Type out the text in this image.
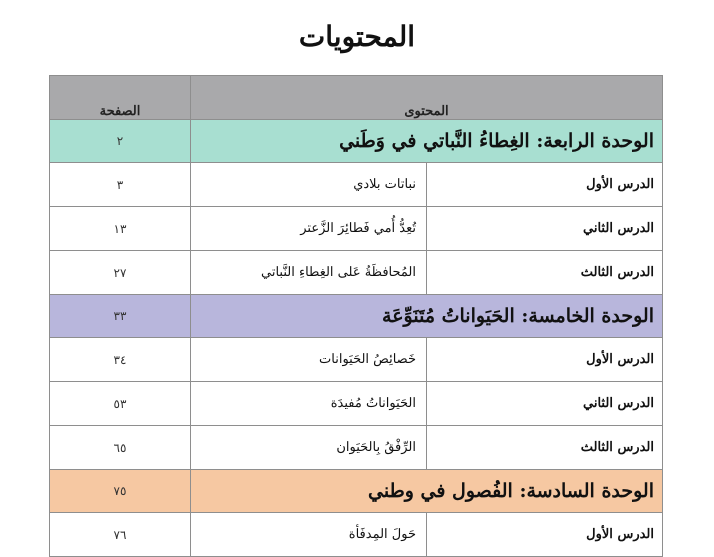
المحتويات
المحتوى		الصفحة
الوحدة الرابعة: الغِطاءُ النَّباتي في وَطَني		٢
الدرس الأول	نباتات بلادي	٣
الدرس الثاني	تُعِدُّ أُمي فَطائِرَ الزَّعتر	١٣
الدرس الثالث	المُحافظَةُ عَلى الغِطاءِ النَّباتي	٢٧
الوحدة الخامسة: الحَيَواناتُ مُتَنَوِّعَة		٣٣
الدرس الأول	خَصائِصُ الحَيَوانات	٣٤
الدرس الثاني	الحَيَواناتُ مُفيدَة	٥٣
الدرس الثالث	الرِّفْقُ بِالحَيَوان	٦٥
الوحدة السادسة: الفُصول في وطني		٧٥
الدرس الأول	حَولَ المِدفَأة	٧٦
